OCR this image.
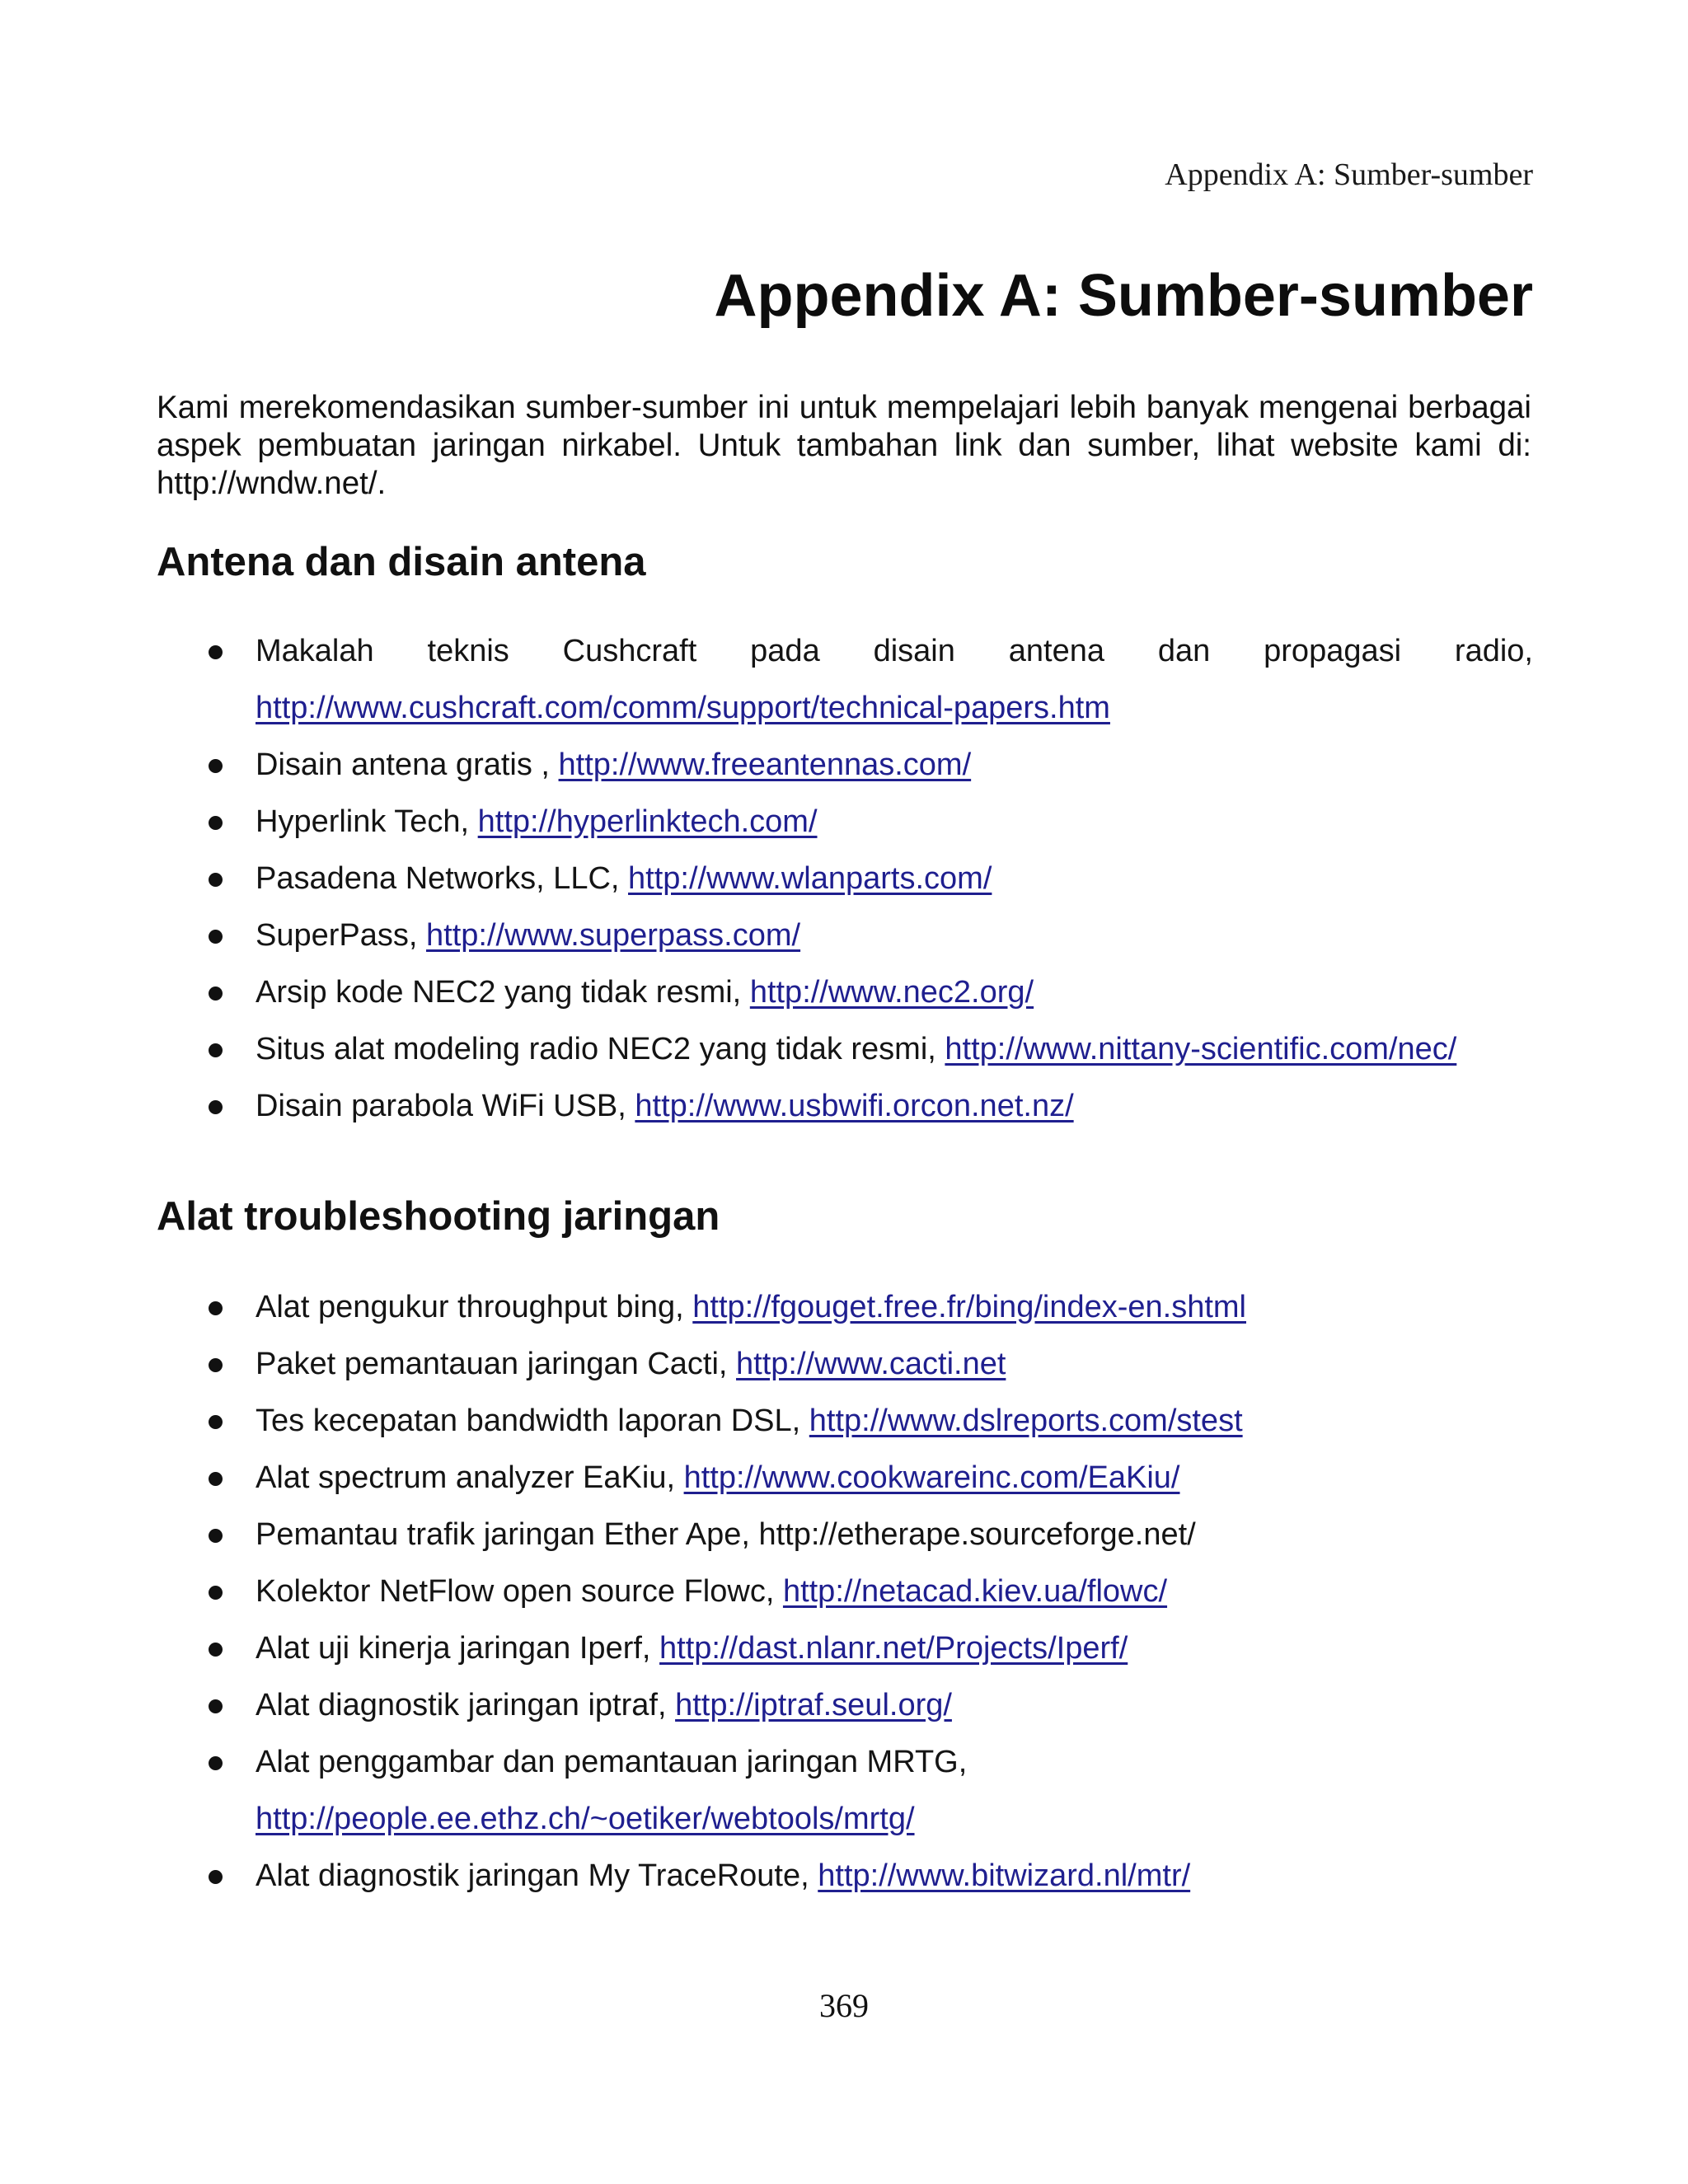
Appendix A: Sumber-sumber
Appendix A: Sumber-sumber

Kami merekomendasikan sumber-sumber ini untuk mempelajari lebih banyak mengenai berbagai aspek pembuatan jaringan nirkabel. Untuk tambahan link dan sumber, lihat website kami di: http://wndw.net/.

Antena dan disain antena
Makalah teknis Cushcraft pada disain antena dan propagasi radio,
http://www.cushcraft.com/comm/support/technical-papers.htm
Disain antena gratis , http://www.freeantennas.com/
Hyperlink Tech, http://hyperlinktech.com/
Pasadena Networks, LLC, http://www.wlanparts.com/
SuperPass, http://www.superpass.com/
Arsip kode NEC2 yang tidak resmi, http://www.nec2.org/
Situs alat modeling radio NEC2 yang tidak resmi, http://www.nittany-scientific.com/nec/
Disain parabola WiFi USB, http://www.usbwifi.orcon.net.nz/
Alat troubleshooting jaringan
Alat pengukur throughput bing, http://fgouget.free.fr/bing/index-en.shtml
Paket pemantauan jaringan Cacti, http://www.cacti.net
Tes kecepatan bandwidth laporan DSL, http://www.dslreports.com/stest
Alat spectrum analyzer EaKiu, http://www.cookwareinc.com/EaKiu/
Pemantau trafik jaringan Ether Ape, http://etherape.sourceforge.net/
Kolektor NetFlow open source Flowc, http://netacad.kiev.ua/flowc/
Alat uji kinerja jaringan Iperf, http://dast.nlanr.net/Projects/Iperf/
Alat diagnostik jaringan iptraf, http://iptraf.seul.org/
Alat penggambar dan pemantauan jaringan MRTG,
http://people.ee.ethz.ch/~oetiker/webtools/mrtg/
Alat diagnostik jaringan My TraceRoute, http://www.bitwizard.nl/mtr/
369
